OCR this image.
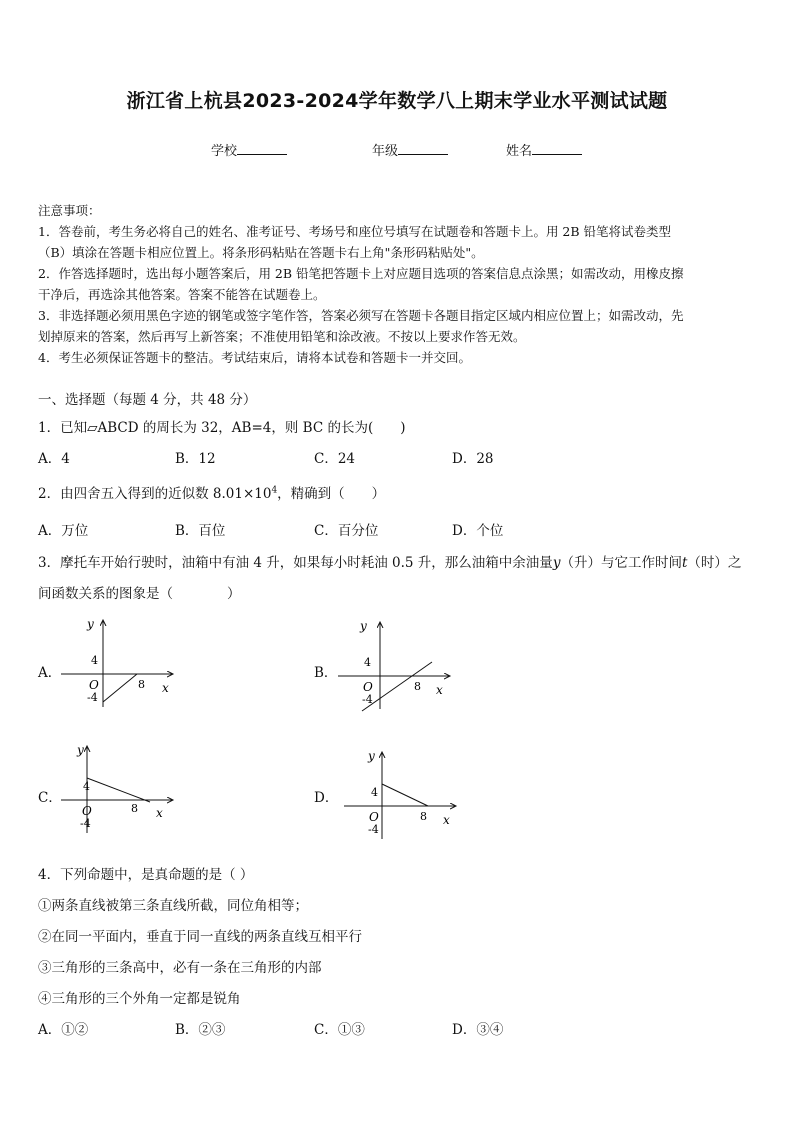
浙江省上杭县2023-2024学年数学八上期末学业水平测试试题
学校	年级	姓名
注意事项：
1．答卷前，考生务必将自己的姓名、准考证号、考场号和座位号填写在试题卷和答题卡上。用 2B 铅笔将试卷类型
（B）填涂在答题卡相应位置上。将条形码粘贴在答题卡右上角"条形码粘贴处"。
2．作答选择题时，选出每小题答案后，用 2B 铅笔把答题卡上对应题目选项的答案信息点涂黑；如需改动，用橡皮擦
干净后，再选涂其他答案。答案不能答在试题卷上。
3．非选择题必须用黑色字迹的钢笔或签字笔作答，答案必须写在答题卡各题目指定区域内相应位置上；如需改动，先
划掉原来的答案，然后再写上新答案；不准使用铅笔和涂改液。不按以上要求作答无效。
4．考生必须保证答题卡的整洁。考试结束后，请将本试卷和答题卡一并交回。
一、选择题（每题 4 分，共 48 分）
1．已知▱ABCD 的周长为 32，AB=4，则 BC 的长为(　　)
A．4	B．12	C．24	D．28
2．由四舍五入得到的近似数 $8.01\times 10^4$，精确到（　　）
A．万位	B．百位	C．百分位	D．个位
3．摩托车开始行驶时，油箱中有油 4 升，如果每小时耗油 0.5 升，那么油箱中余油量y（升）与它工作时间t（时）之
间函数关系的图象是（　　　　）
A．	B．
C．	D．
y
4
O
-4
8 x
y
4
O
-4
8 x
y
4
O
-4
8 x
y
4
O
-4
8 x
4．下列命题中，是真命题的是（ ）
①两条直线被第三条直线所截，同位角相等；
②在同一平面内，垂直于同一直线的两条直线互相平行
③三角形的三条高中，必有一条在三角形的内部
④三角形的三个外角一定都是锐角
A．①②	B．②③	C．①③	D．③④
